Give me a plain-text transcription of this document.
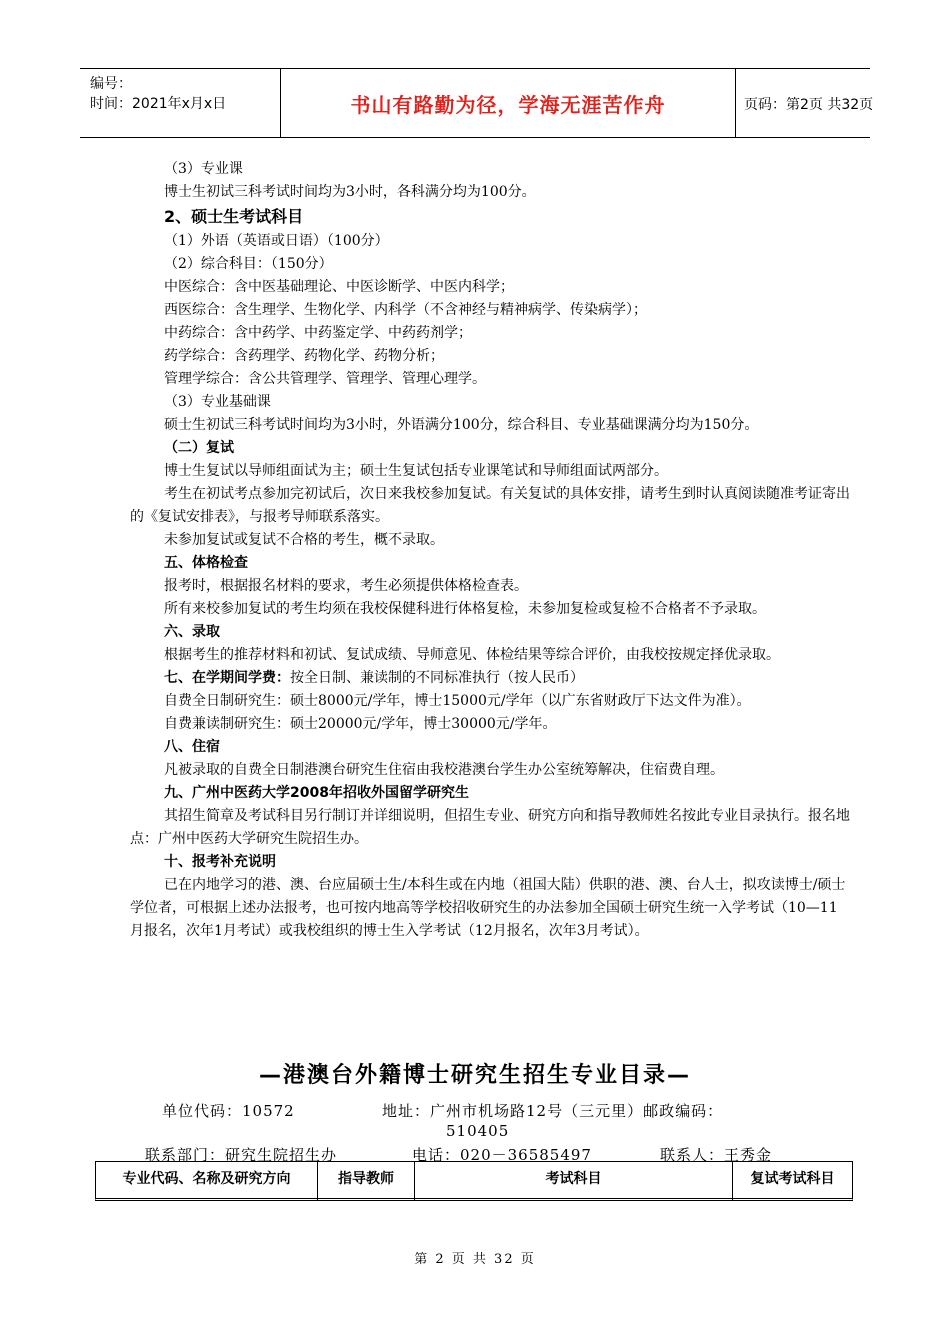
编号：
时间：2021年x月x日	书山有路勤为径，学海无涯苦作舟	页码：第2页 共32页

（3）专业课

博士生初试三科考试时间均为3小时，各科满分均为100分。

2、硕士生考试科目

（1）外语（英语或日语）（100分）

（2）综合科目：（150分）

中医综合：含中医基础理论、中医诊断学、中医内科学；

西医综合：含生理学、生物化学、内科学（不含神经与精神病学、传染病学）；

中药综合：含中药学、中药鉴定学、中药药剂学；

药学综合：含药理学、药物化学、药物分析；

管理学综合：含公共管理学、管理学、管理心理学。

（3）专业基础课

硕士生初试三科考试时间均为3小时，外语满分100分，综合科目、专业基础课满分均为150分。

（二）复试

博士生复试以导师组面试为主；硕士生复试包括专业课笔试和导师组面试两部分。

考生在初试考点参加完初试后，次日来我校参加复试。有关复试的具体安排，请考生到时认真阅读随准考证寄出的《复试安排表》，与报考导师联系落实。

未参加复试或复试不合格的考生，概不录取。

五、体格检查

报考时，根据报名材料的要求，考生必须提供体格检查表。

所有来校参加复试的考生均须在我校保健科进行体格复检，未参加复检或复检不合格者不予录取。

六、录取

根据考生的推荐材料和初试、复试成绩、导师意见、体检结果等综合评价，由我校按规定择优录取。

七、在学期间学费：按全日制、兼读制的不同标准执行（按人民币）

自费全日制研究生：硕士8000元/学年，博士15000元/学年（以广东省财政厅下达文件为准）。

自费兼读制研究生：硕士20000元/学年，博士30000元/学年。

八、住宿

凡被录取的自费全日制港澳台研究生住宿由我校港澳台学生办公室统筹解决，住宿费自理。

九、广州中医药大学2008年招收外国留学研究生

其招生简章及考试科目另行制订并详细说明，但招生专业、研究方向和指导教师姓名按此专业目录执行。报名地点：广州中医药大学研究生院招生办。

十、报考补充说明

已在内地学习的港、澳、台应届硕士生/本科生或在内地（祖国大陆）供职的港、澳、台人士，拟攻读博士/硕士学位者，可根据上述办法报考，也可按内地高等学校招收研究生的办法参加全国硕士研究生统一入学考试（10—11月报名，次年1月考试）或我校组织的博士生入学考试（12月报名，次年3月考试）。

—港澳台外籍博士研究生招生专业目录—
单位代码：10572	地址：广州市机场路12号（三元里）邮政编码：
510405
联系部门：研究生院招生办	电话：020－36585497	联系人：王秀金
专业代码、名称及研究方向	指导教师	考试科目	复试考试科目
第 2 页 共 32 页
